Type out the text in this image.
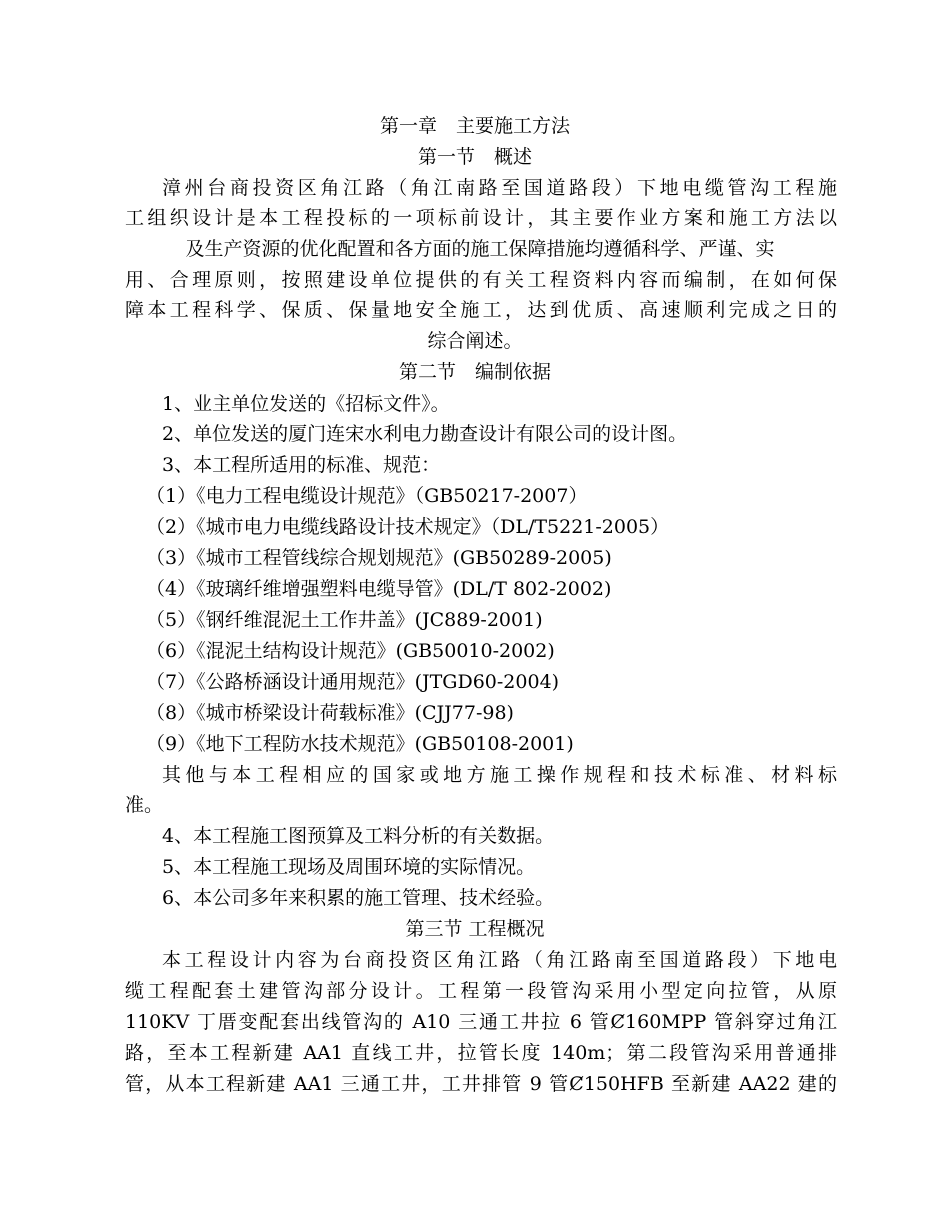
第一章　主要施工方法

第一节　概述

漳州台商投资区角江路（角江南路至国道路段）下地电缆管沟工程施

工组织设计是本工程投标的一项标前设计，其主要作业方案和施工方法以

及生产资源的优化配置和各方面的施工保障措施均遵循科学、严谨、实

用、合理原则，按照建设单位提供的有关工程资料内容而编制，在如何保

障本工程科学、保质、保量地安全施工，达到优质、高速顺利完成之日的

综合阐述。

第二节　编制依据

1、业主单位发送的《招标文件》。

2、单位发送的厦门连宋水利电力勘查设计有限公司的设计图。

3、本工程所适用的标准、规范：

（1）《电力工程电缆设计规范》（GB50217-2007）

（2）《城市电力电缆线路设计技术规定》（DL/T5221-2005）

（3）《城市工程管线综合规划规范》(GB50289-2005)

（4）《玻璃纤维增强塑料电缆导管》(DL/T 802-2002)

（5）《钢纤维混泥土工作井盖》(JC889-2001)

（6）《混泥土结构设计规范》(GB50010-2002)

（7）《公路桥涵设计通用规范》(JTGD60-2004)

（8）《城市桥梁设计荷载标准》(CJJ77-98)

（9）《地下工程防水技术规范》(GB50108-2001)

其他与本工程相应的国家或地方施工操作规程和技术标准、材料标

准。

4、本工程施工图预算及工料分析的有关数据。

5、本工程施工现场及周围环境的实际情况。

6、本公司多年来积累的施工管理、技术经验。

第三节 工程概况

本工程设计内容为台商投资区角江路（角江路南至国道路段）下地电

缆工程配套土建管沟部分设计。工程第一段管沟采用小型定向拉管，从原

110KV 丁厝变配套出线管沟的 A10 三通工井拉 6 管Ȼ160MPP 管斜穿过角江

路，至本工程新建 AA1 直线工井，拉管长度 140m；第二段管沟采用普通排

管，从本工程新建 AA1 三通工井，工井排管 9 管Ȼ150HFB 至新建 AA22 建的
